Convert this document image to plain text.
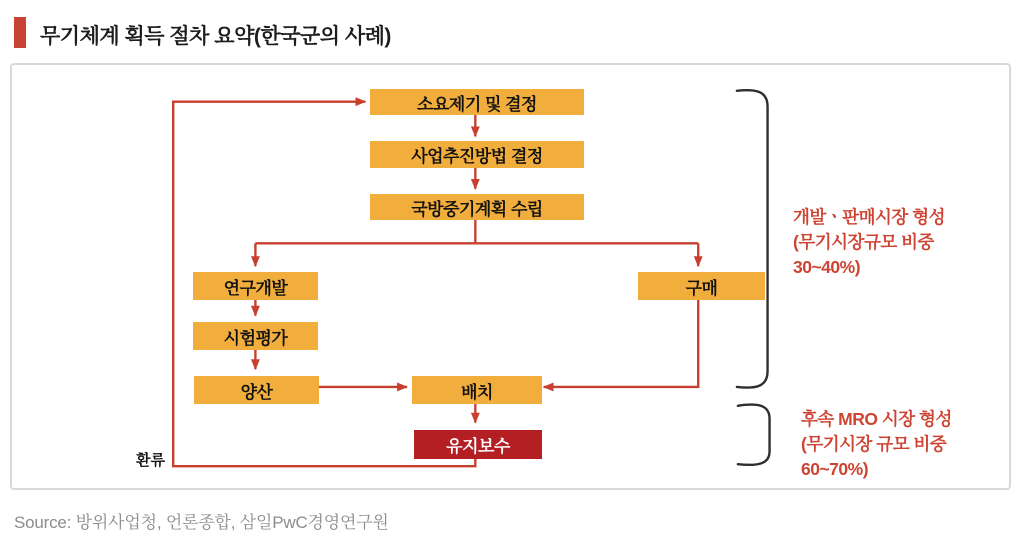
무기체계 획득 절차 요약(한국군의 사례)
소요제기 및 결정
사업추진방법 결정
국방중기계획 수립
연구개발
시험평가
양산
구매
배치
유지보수
환류
개발ㆍ판매시장 형성
(무기시장규모 비중
30~40%)
후속 MRO 시장 형성
(무기시장 규모 비중
60~70%)
Source: 방위사업청, 언론종합, 삼일PwC경영연구원
